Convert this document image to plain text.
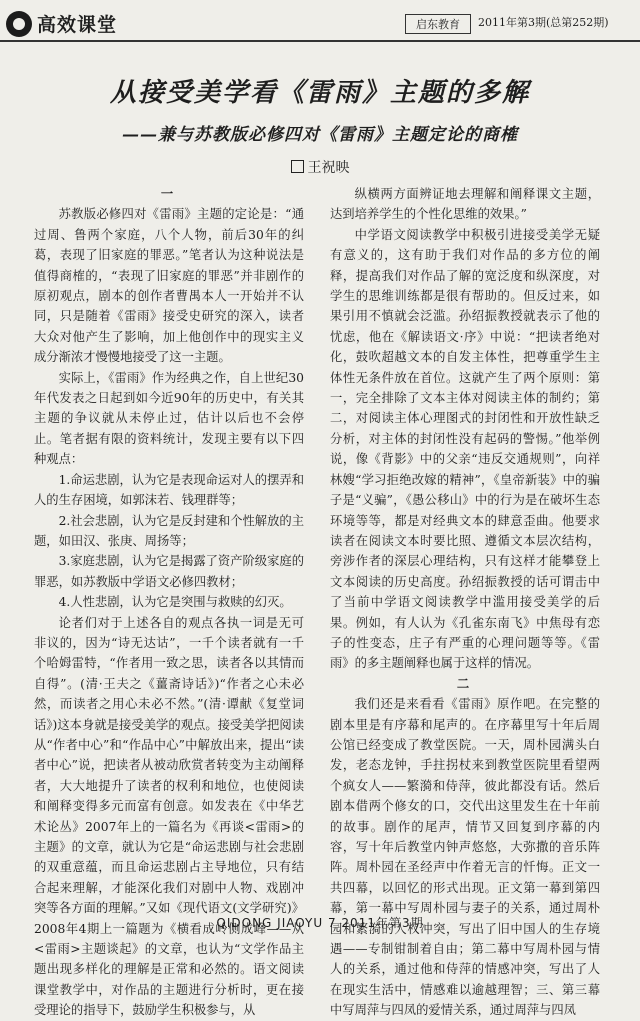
高效课堂	启东教育	2011年第3期(总第252期)
从接受美学看《雷雨》主题的多解
——兼与苏教版必修四对《雷雨》主题定论的商榷
王祝映
一
苏教版必修四对《雷雨》主题的定论是：“通过周、鲁两个家庭，八个人物，前后30年的纠葛，表现了旧家庭的罪恶。”笔者认为这种说法是值得商榷的，“表现了旧家庭的罪恶”并非剧作的原初观点，剧本的创作者曹禺本人一开始并不认同，只是随着《雷雨》接受史研究的深入，读者大众对他产生了影响，加上他创作中的现实主义成分渐浓才慢慢地接受了这一主题。
实际上，《雷雨》作为经典之作，自上世纪30年代发表之日起到如今近90年的历史中，有关其主题的争议就从未停止过，估计以后也不会停止。笔者据有限的资料统计，发现主要有以下四种观点：
1.命运悲剧，认为它是表现命运对人的摆弄和人的生存困境，如郭沫若、钱理群等；
2.社会悲剧，认为它是反封建和个性解放的主题，如田汉、张庚、周扬等；
3.家庭悲剧，认为它是揭露了资产阶级家庭的罪恶，如苏教版中学语文必修四教材；
4.人性悲剧，认为它是突围与救赎的幻灭。
论者们对于上述各自的观点各执一词是无可非议的，因为“诗无达诂”，一千个读者就有一千个哈姆雷特，“作者用一致之思，读者各以其情而自得”。(清·王夫之《薑斋诗话》)“作者之心未必然，而读者之用心未必不然。”(清·谭献《复堂词话》)这本身就是接受美学的观点。接受美学把阅读从“作者中心”和“作品中心”中解放出来，提出“读者中心”说，把读者从被动欣赏者转变为主动阐释者，大大地提升了读者的权利和地位，也使阅读和阐释变得多元而富有创意。如发表在《中华艺术论丛》2007年上的一篇名为《再谈<雷雨>的主题》的文章，就认为它是“命运悲剧与社会悲剧的双重意蕴，而且命运悲剧占主导地位，只有结合起来理解，才能深化我们对剧中人物、戏剧冲突等各方面的理解。”又如《现代语文(文学研究)》2008年4期上一篇题为《横看成岭侧成峰——从<雷雨>主题谈起》的文章，也认为“文学作品主题出现多样化的理解是正常和必然的。语文阅读课堂教学中，对作品的主题进行分析时，更在接受理论的指导下，鼓励学生积极参与，从
纵横两方面辨证地去理解和阐释课文主题，达到培养学生的个性化思维的效果。”
中学语文阅读教学中积极引进接受美学无疑有意义的，这有助于我们对作品的多方位的阐释，提高我们对作品了解的宽泛度和纵深度，对学生的思维训练都是很有帮助的。但反过来，如果引用不慎就会泛滥。孙绍振教授就表示了他的忧虑，他在《解读语文·序》中说：“把读者绝对化，鼓吹超越文本的自发主体性，把尊重学生主体性无条件放在首位。这就产生了两个原则：第一，完全排除了文本主体对阅读主体的制约；第二，对阅读主体心理图式的封闭性和开放性缺乏分析，对主体的封闭性没有起码的警惕。”他举例说，像《背影》中的父亲“违反交通规则”，向祥林嫂“学习拒绝改嫁的精神”，《皇帝新装》中的骗子是“义骗”，《愚公移山》中的行为是在破坏生态环境等等，都是对经典文本的肆意歪曲。他要求读者在阅读文本时要比照、遵循文本层次结构，旁涉作者的深层心理结构，只有这样才能攀登上文本阅读的历史高度。孙绍振教授的话可谓击中了当前中学语文阅读教学中滥用接受美学的后果。例如，有人认为《孔雀东南飞》中焦母有恋子的性变态，庄子有严重的心理问题等等。《雷雨》的多主题阐释也属于这样的情况。
二
我们还是来看看《雷雨》原作吧。在完整的剧本里是有序幕和尾声的。在序幕里写十年后周公馆已经变成了教堂医院。一天，周朴园满头白发，老态龙钟，手拄拐杖来到教堂医院里看望两个疯女人——繁漪和侍萍，彼此都没有话。然后剧本借两个修女的口，交代出这里发生在十年前的故事。剧作的尾声，情节又回复到序幕的内容，写十年后教堂内钟声悠悠，大弥撒的音乐阵阵。周朴园在圣经声中作着无言的忏悔。正文一共四幕，以回忆的形式出现。正文第一幕到第四幕，第一幕中写周朴园与妻子的关系，通过周朴园和繁漪的人权冲突，写出了旧中国人的生存境遇——专制钳制着自由；第二幕中写周朴园与情人的关系，通过他和侍萍的情感冲突，写出了人在现实生活中，情感难以逾越理智；三、第三幕中写周萍与四凤的爱情关系，通过周萍与四凤
QIDONG JIAOYU 7 2011年第3期
